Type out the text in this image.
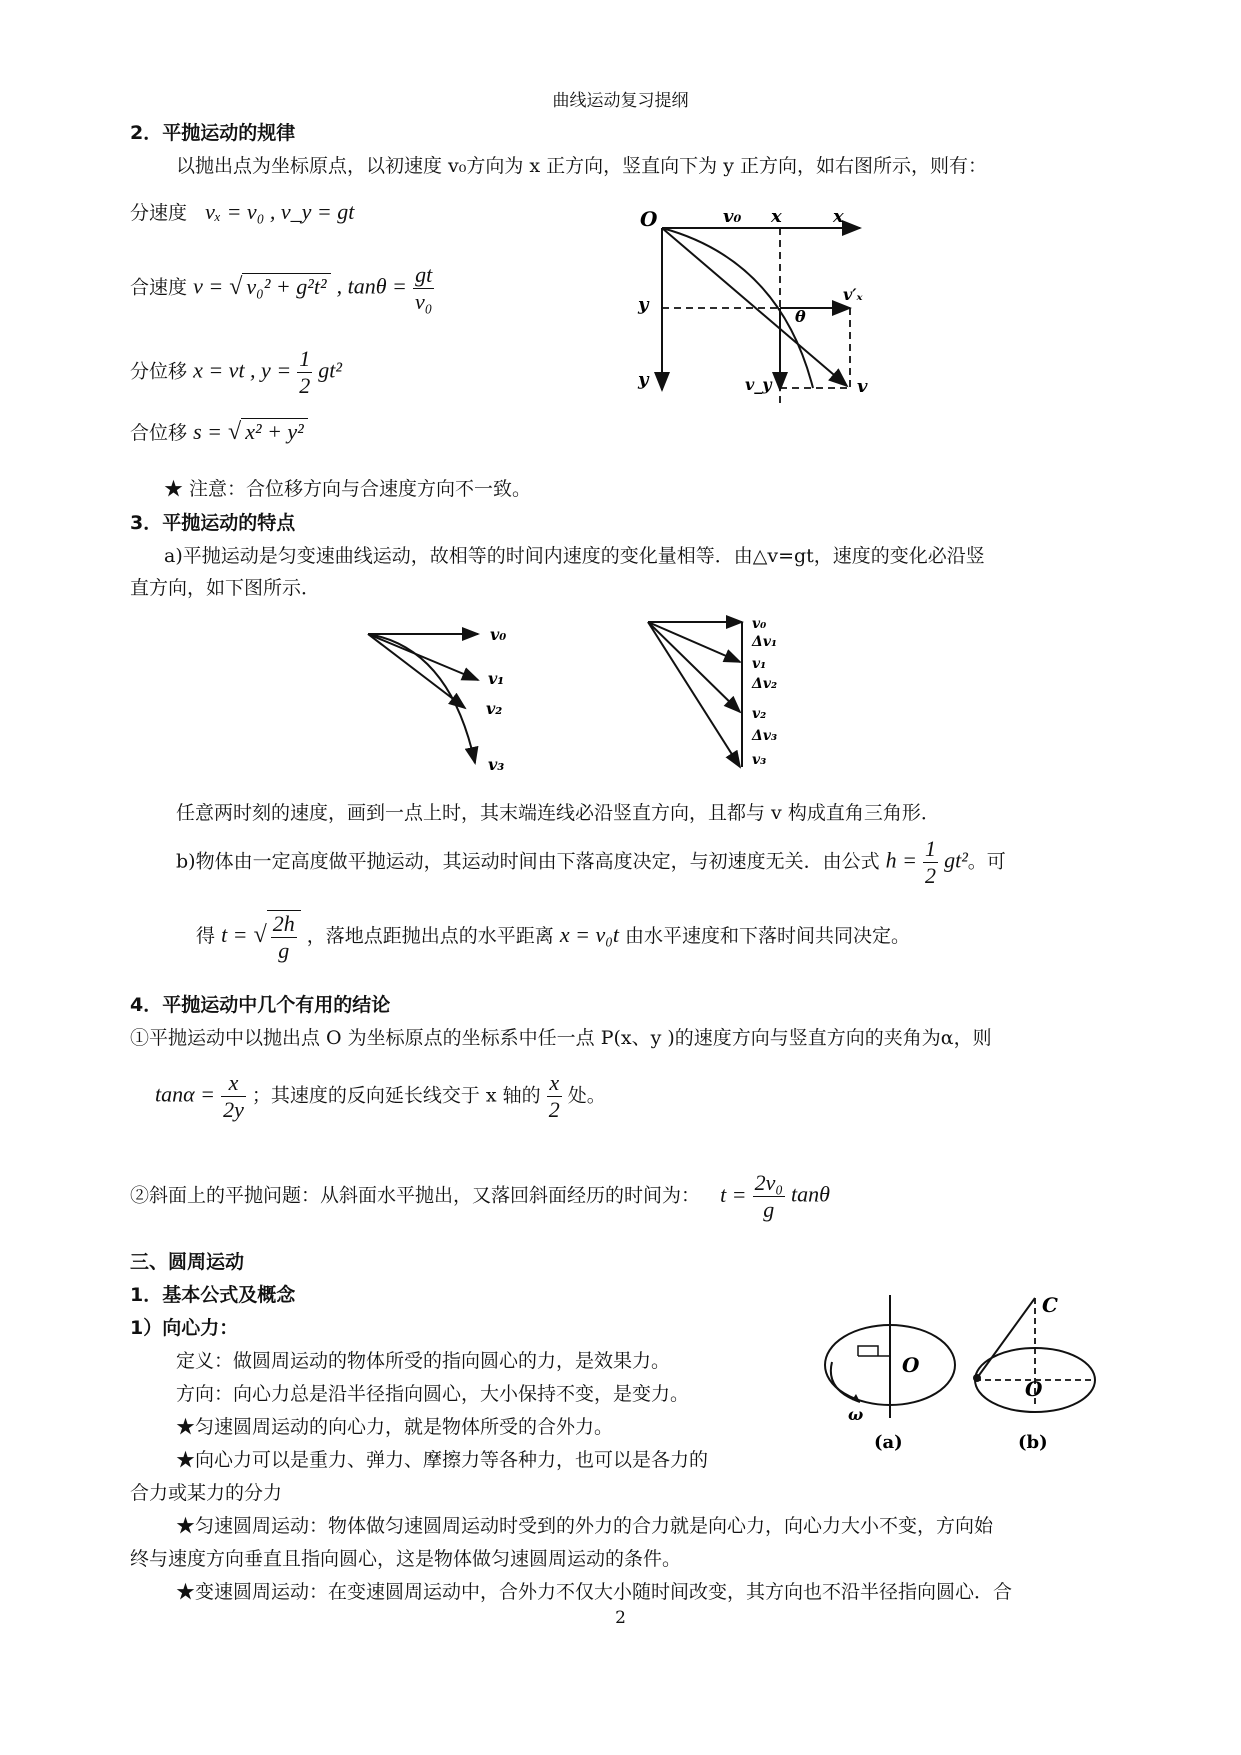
曲线运动复习提纲
2．平抛运动的规律
以抛出点为坐标原点，以初速度 v₀方向为 x 正方向，竖直向下为 y 正方向，如右图所示，则有：
分速度 vₓ = v₀ , v_y = gt
合速度 v = √ v₀² + g²t² , $\tan\theta = \frac{gt}{\text{v₀}}$
分位移 x = vt , $y = \frac{1}{2} gt^2$
合位移 s = √ x² + y²
★ 注意：合位移方向与合速度方向不一致。
O	v₀ x	x
y
y
v′ₓ
θ
v_y	v
3．平抛运动的特点
a)平抛运动是匀变速曲线运动，故相等的时间内速度的变化量相等．由△v=gt，速度的变化必沿竖
直方向，如下图所示．
v₀
v₁
v₂
v₃
v₀
Δv₁
v₁
Δv₂
v₂
Δv₃
v₃
任意两时刻的速度，画到一点上时，其末端连线必沿竖直方向，且都与 v 构成直角三角形．
b)物体由一定高度做平抛运动，其运动时间由下落高度决定，与初速度无关．由公式 $h = \frac{1}{2} gt^2$。可
得 t = √ $\frac{2h}{g}$ ，落地点距抛出点的水平距离 x = v₀t 由水平速度和下落时间共同决定。
4．平抛运动中几个有用的结论
①平抛运动中以抛出点 O 为坐标原点的坐标系中任一点 P(x、y )的速度方向与竖直方向的夹角为α，则
$\tan\alpha = \frac{x}{2y}$ ；其速度的反向延长线交于 x 轴的 $\frac{x}{2}$ 处。
②斜面上的平抛问题：从斜面水平抛出，又落回斜面经历的时间为： $t = \frac{\text{2v₀}}{g}$ tanθ
三、圆周运动
1．基本公式及概念
1）向心力：
定义：做圆周运动的物体所受的指向圆心的力，是效果力。
方向：向心力总是沿半径指向圆心，大小保持不变，是变力。
★匀速圆周运动的向心力，就是物体所受的合外力。
★向心力可以是重力、弹力、摩擦力等各种力，也可以是各力的
合力或某力的分力
★匀速圆周运动：物体做匀速圆周运动时受到的外力的合力就是向心力，向心力大小不变，方向始
终与速度方向垂直且指向圆心，这是物体做匀速圆周运动的条件。
★变速圆周运动：在变速圆周运动中，合外力不仅大小随时间改变，其方向也不沿半径指向圆心．合
O
ω
(a)
C
O
(b)
2
